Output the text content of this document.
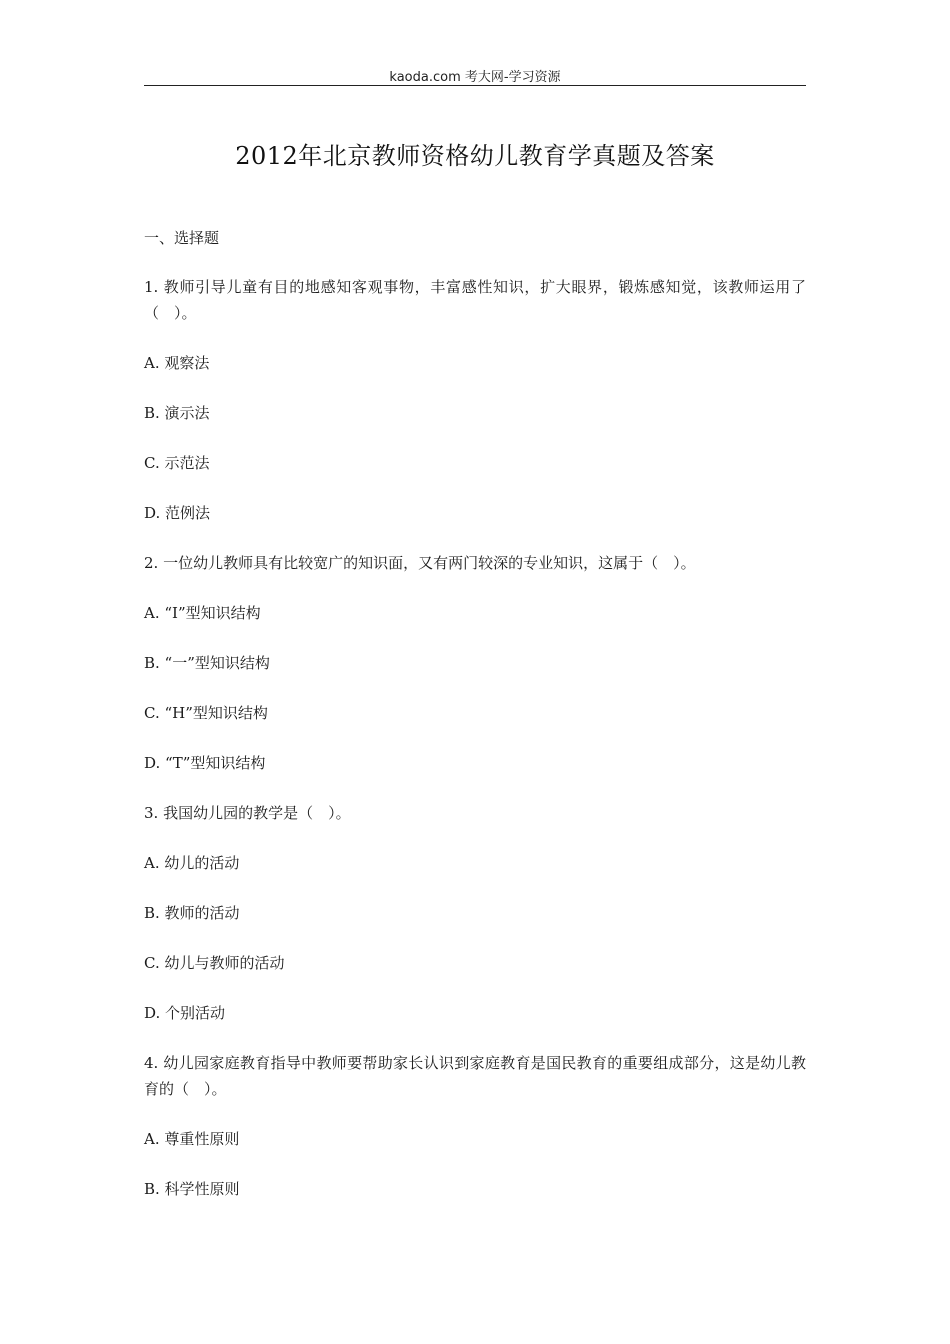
kaoda.com 考大网-学习资源
2012年北京教师资格幼儿教育学真题及答案
一、选择题
1. 教师引导儿童有目的地感知客观事物，丰富感性知识，扩大眼界，锻炼感知觉，该教师运用了（　）。
A. 观察法
B. 演示法
C. 示范法
D. 范例法
2. 一位幼儿教师具有比较宽广的知识面，又有两门较深的专业知识，这属于（　）。
A. “I”型知识结构
B. “一”型知识结构
C. “H”型知识结构
D. “T”型知识结构
3. 我国幼儿园的教学是（　）。
A. 幼儿的活动
B. 教师的活动
C. 幼儿与教师的活动
D. 个别活动
4. 幼儿园家庭教育指导中教师要帮助家长认识到家庭教育是国民教育的重要组成部分，这是幼儿教育的（　）。
A. 尊重性原则
B. 科学性原则
